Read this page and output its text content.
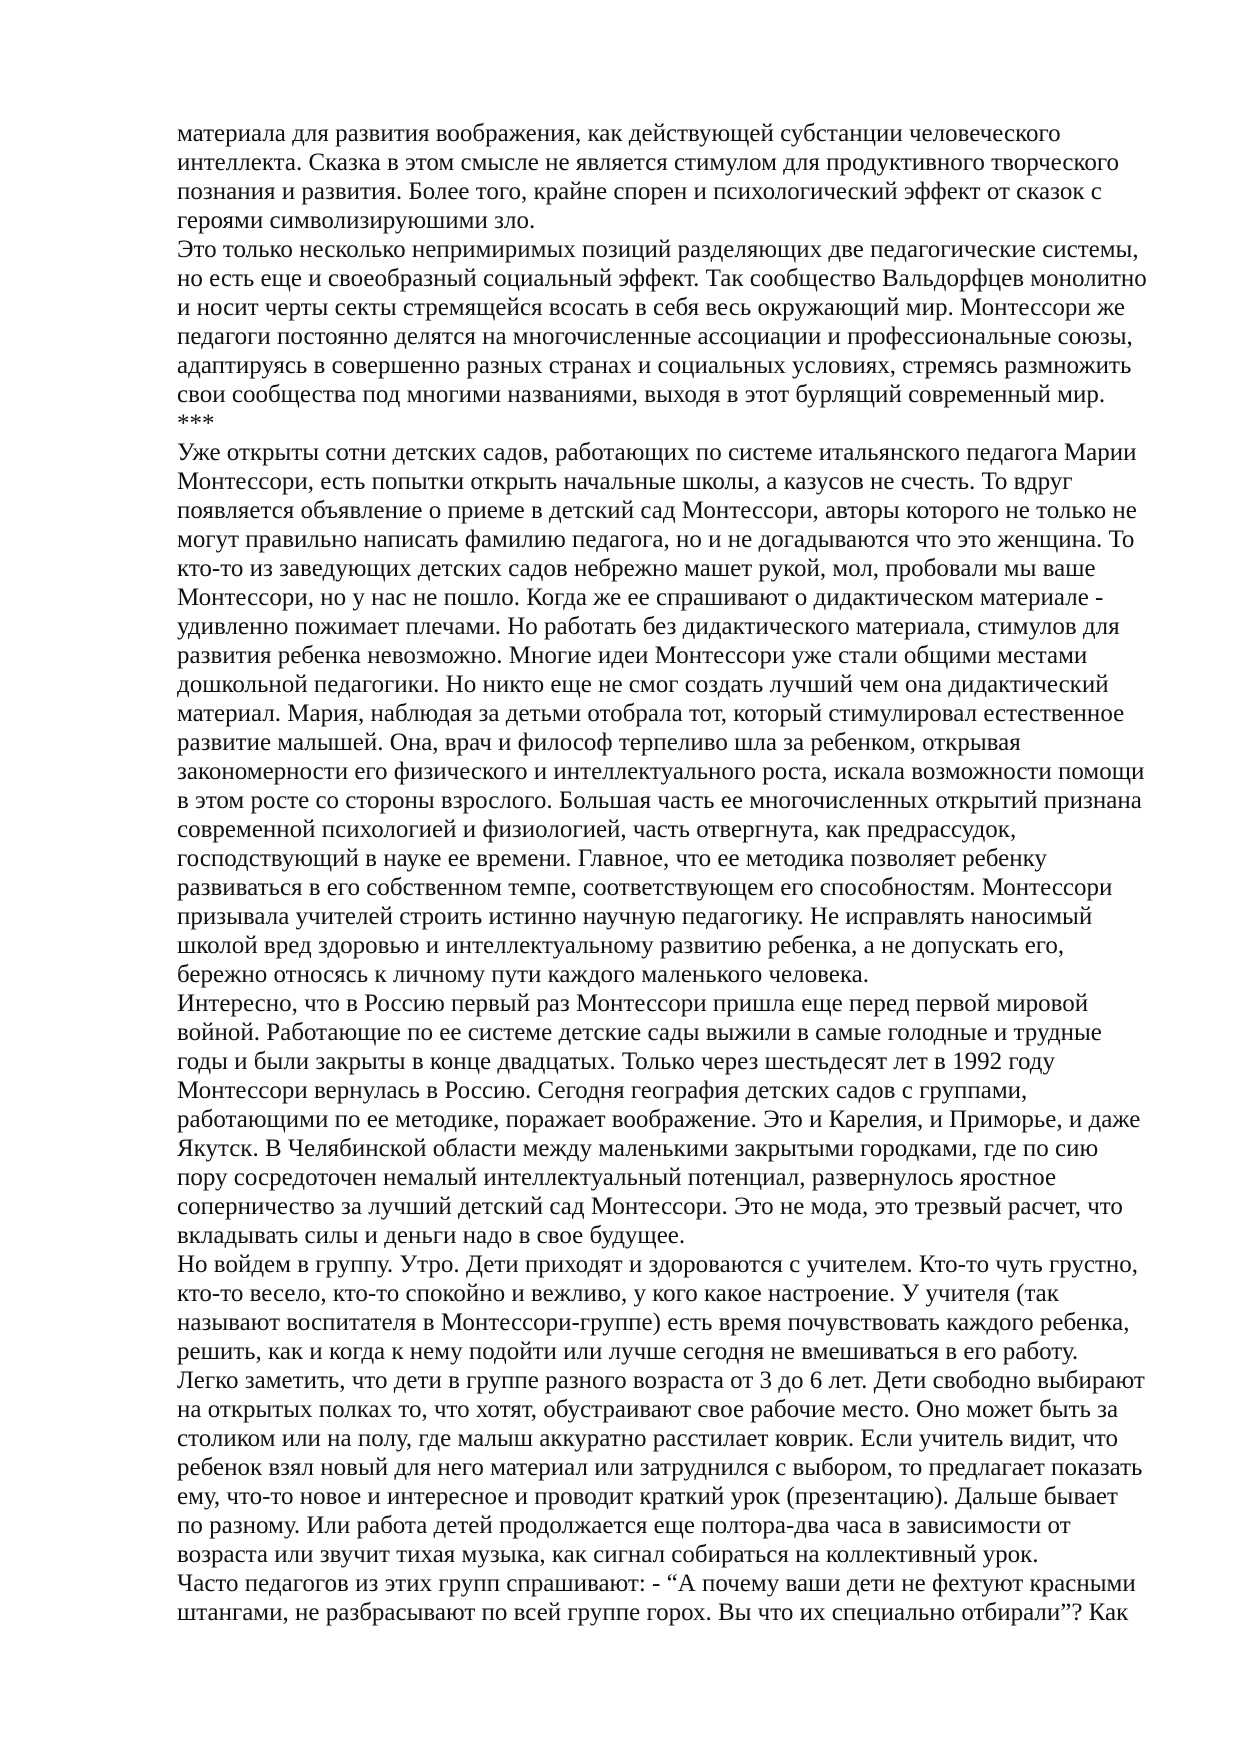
материала для развития воображения, как действующей субстанции человеческого
интеллекта. Сказка в этом смысле не является стимулом для продуктивного творческого
познания и развития. Более того, крайне спорен и психологический эффект от сказок с
героями символизируюшими зло.
Это только несколько непримиримых позиций разделяющих две педагогические системы,
но есть еще и своеобразный социальный эффект. Так сообщество Вальдорфцев монолитно
и носит черты секты стремящейся всосать в себя весь окружающий мир. Монтессори же
педагоги постоянно делятся на многочисленные ассоциации и профессиональные союзы,
адаптируясь в совершенно разных странах и социальных условиях, стремясь размножить
свои сообщества под многими названиями, выходя в этот бурлящий современный мир.
***
Уже открыты сотни детских садов, работающих по системе итальянского педагога Марии
Монтессори, есть попытки открыть начальные школы, а казусов не счесть. То вдруг
появляется объявление о приеме в детский сад Монтессори, авторы которого не только не
могут правильно написать фамилию педагога, но и не догадываются что это женщина. То
кто-то из заведующих детских садов небрежно машет рукой, мол, пробовали мы ваше
Монтессори, но у нас не пошло. Когда же ее спрашивают о дидактическом материале -
удивленно пожимает плечами. Но работать без дидактического материала, стимулов для
развития ребенка невозможно. Многие идеи Монтессори уже стали общими местами
дошкольной педагогики. Но никто еще не смог создать лучший чем она дидактический
материал. Мария, наблюдая за детьми отобрала тот, который стимулировал естественное
развитие малышей. Она, врач и философ терпеливо шла за ребенком, открывая
закономерности его физического и интеллектуального роста, искала возможности помощи
в этом росте со стороны взрослого. Большая часть ее многочисленных открытий признана
современной психологией и физиологией, часть отвергнута, как предрассудок,
господствующий в науке ее времени. Главное, что ее методика позволяет ребенку
развиваться в его собственном темпе, соответствующем его способностям. Монтессори
призывала учителей строить истинно научную педагогику. Не исправлять наносимый
школой вред здоровью и интеллектуальному развитию ребенка, а не допускать его,
бережно относясь к личному пути каждого маленького человека.
Интересно, что в Россию первый раз Монтессори пришла еще перед первой мировой
войной. Работающие по ее системе детские сады выжили в самые голодные и трудные
годы и были закрыты в конце двадцатых. Только через шестьдесят лет в 1992 году
Монтессори вернулась в Россию. Сегодня география детских садов с группами,
работающими по ее методике, поражает воображение. Это и Карелия, и Приморье, и даже
Якутск. В Челябинской области между маленькими закрытыми городками, где по сию
пору сосредоточен немалый интеллектуальный потенциал, развернулось яростное
соперничество за лучший детский сад Монтессори. Это не мода, это трезвый расчет, что
вкладывать силы и деньги надо в свое будущее.
Но войдем в группу. Утро. Дети приходят и здороваются с учителем. Кто-то чуть грустно,
кто-то весело, кто-то спокойно и вежливо, у кого какое настроение. У учителя (так
называют воспитателя в Монтессори-группе) есть время почувствовать каждого ребенка,
решить, как и когда к нему подойти или лучше сегодня не вмешиваться в его работу.
Легко заметить, что дети в группе разного возраста от 3 до 6 лет. Дети свободно выбирают
на открытых полках то, что хотят, обустраивают свое рабочие место. Оно может быть за
столиком или на полу, где малыш аккуратно расстилает коврик. Если учитель видит, что
ребенок взял новый для него материал или затруднился с выбором, то предлагает показать
ему, что-то новое и интересное и проводит краткий урок (презентацию). Дальше бывает
по разному. Или работа детей продолжается еще полтора-два часа в зависимости от
возраста или звучит тихая музыка, как сигнал собираться на коллективный урок.
Часто педагогов из этих групп спрашивают: - “А почему ваши дети не фехтуют красными
штангами, не разбрасывают по всей группе горох. Вы что их специально отбирали”? Как
